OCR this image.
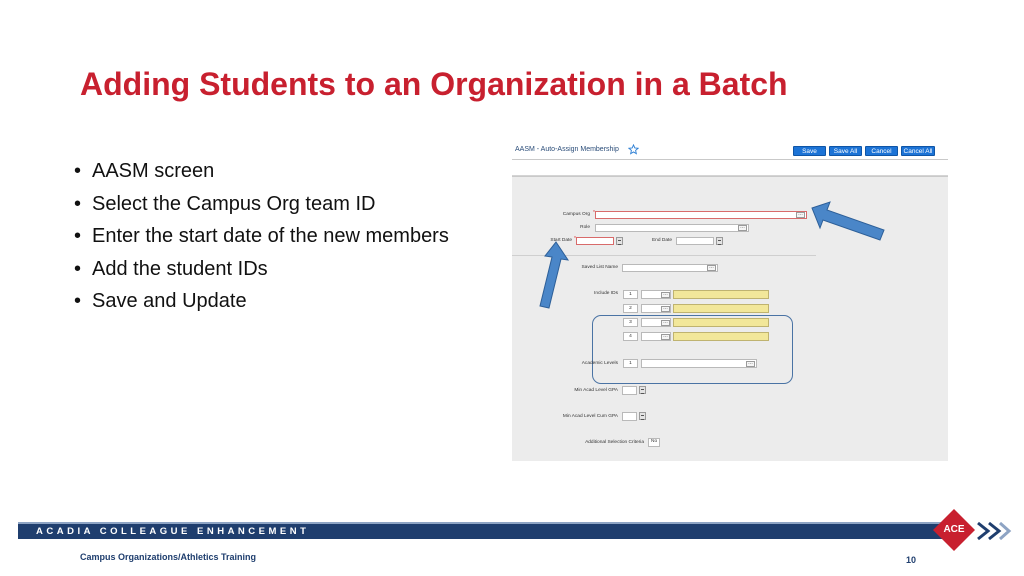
Adding Students to an Organization in a Batch
• AASM screen
• Select the Campus Org team ID
• Enter the start date of the new members
• Add the student IDs
• Save and Update
AASM - Auto-Assign Membership	Save	Save All	Cancel	Cancel All
Campus Org *	…
Role	…
Start Date *	End Date
Saved List Name	…
Include IDs	1	…
2	…
3	…
4	…
Academic Levels	1	…
Min Acad Level GPA
Min Acad Level Cum GPA
Additional Selection Criteria	No
ACADIA COLLEAGUE ENHANCEMENT	ACE
Campus Organizations/Athletics Training	10
